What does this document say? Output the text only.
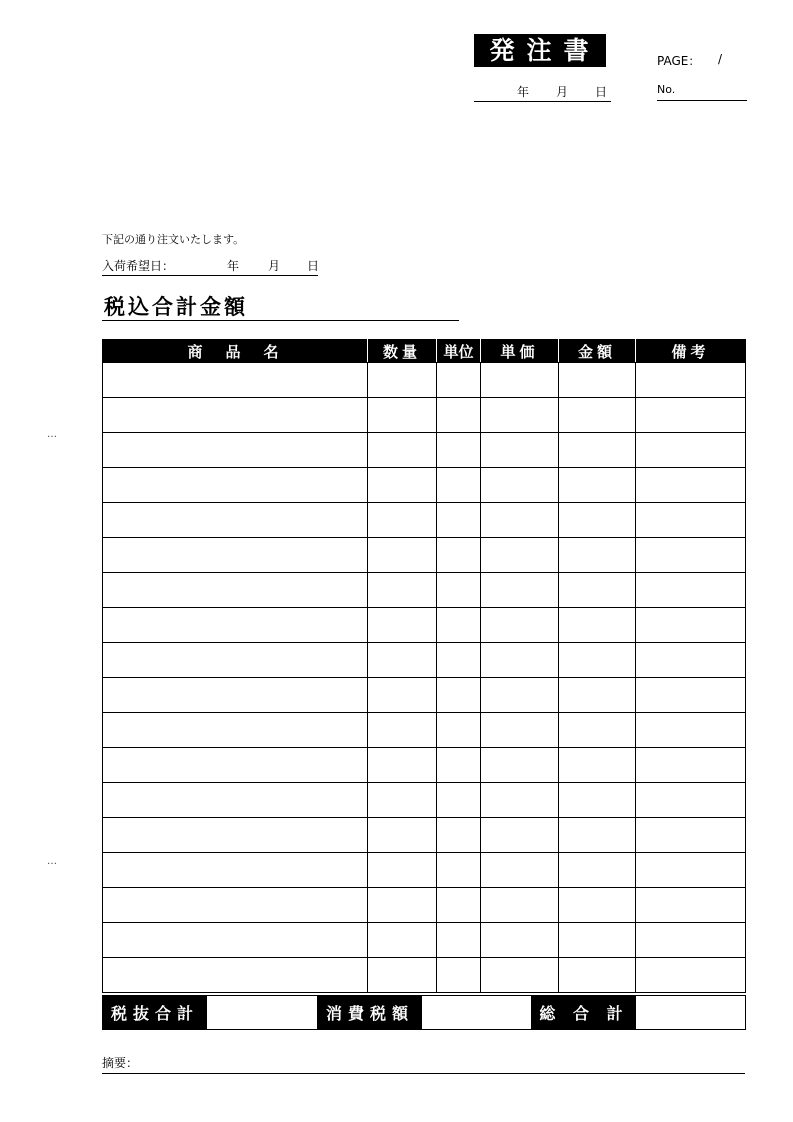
発注書
年 月 日
PAGE： /
No.
下記の通り注文いたします。
入荷希望日：	年 月 日
税込合計金額
商　品　名	数量	単位	単価	金額	備考

税抜合計	消費税額	総 合 計
摘要：
…
…
